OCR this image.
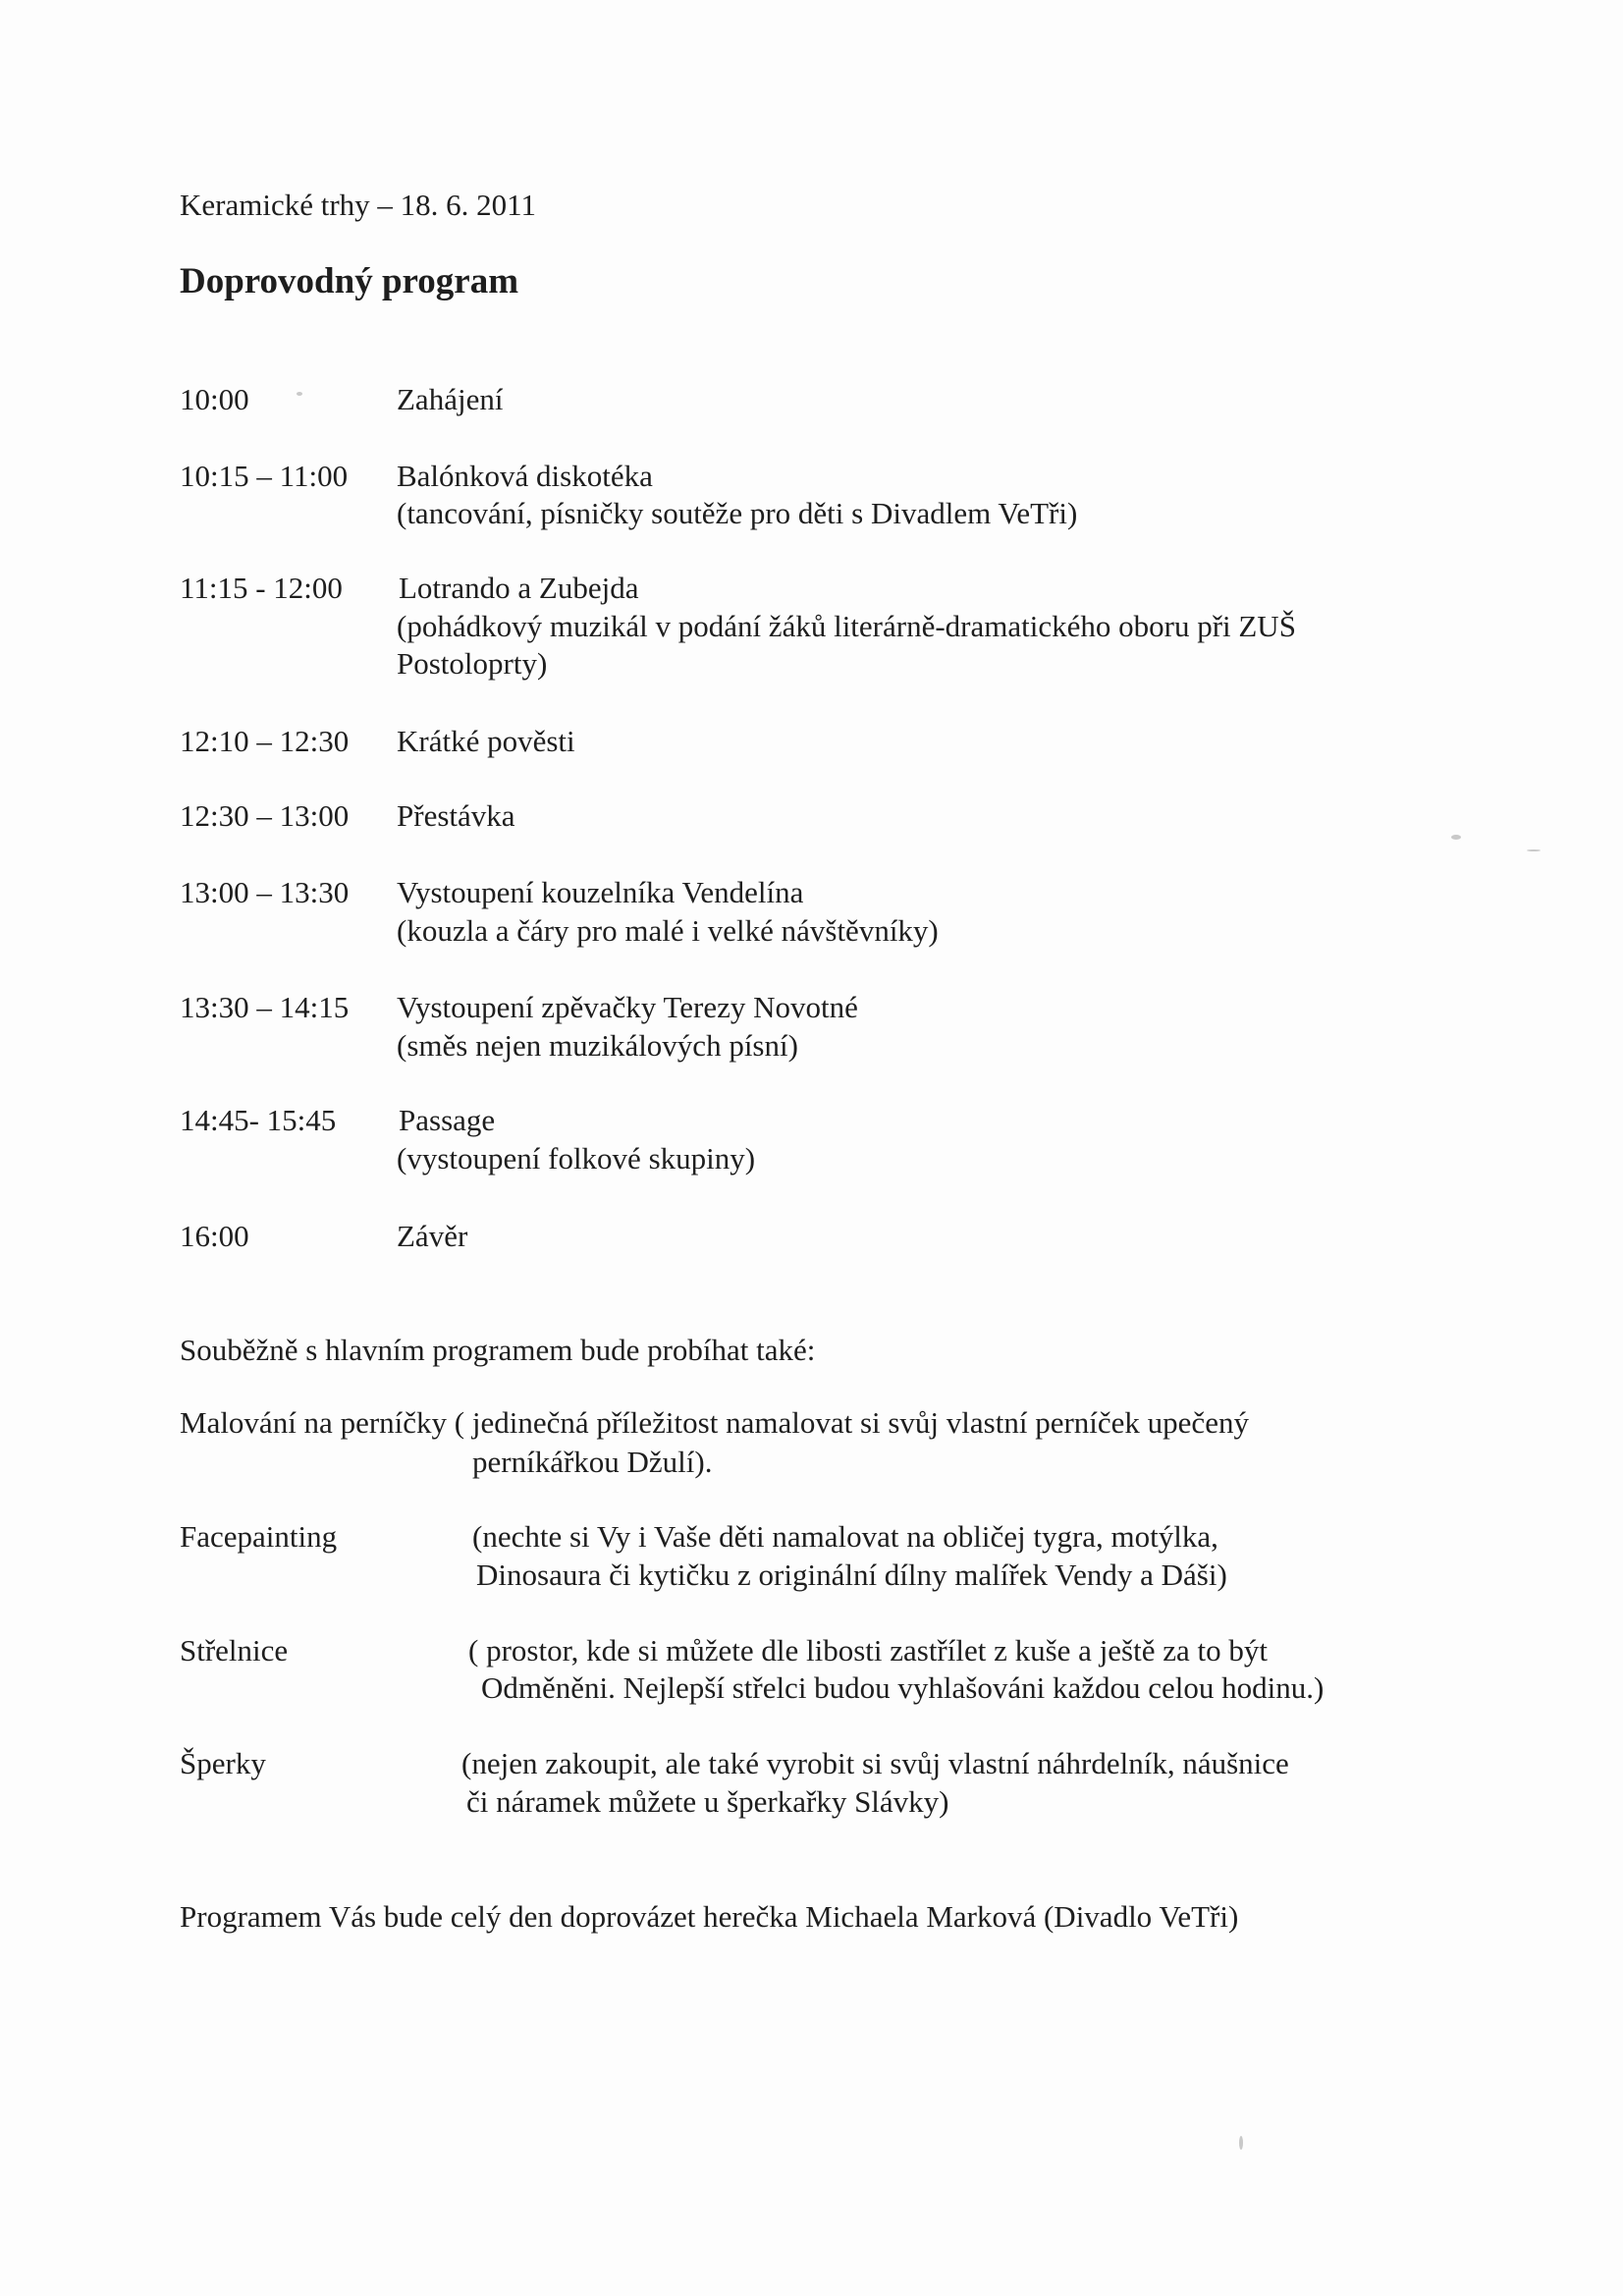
Keramické trhy – 18. 6. 2011
Doprovodný program
10:00	Zahájení
10:15 – 11:00 Balónková diskotéka
(tancování, písničky soutěže pro děti s Divadlem VeTři)
11:15 - 12:00 Lotrando a Zubejda
(pohádkový muzikál v podání žáků literárně-dramatického oboru při ZUŠ
Postoloprty)
12:10 – 12:30 Krátké pověsti
12:30 – 13:00 Přestávka
13:00 – 13:30 Vystoupení kouzelníka Vendelína
(kouzla a čáry pro malé i velké návštěvníky)
13:30 – 14:15 Vystoupení zpěvačky Terezy Novotné
(směs nejen muzikálových písní)
14:45- 15:45 Passage
(vystoupení folkové skupiny)
16:00	Závěr
Souběžně s hlavním programem bude probíhat také:
Malování na perníčky ( jedinečná příležitost namalovat si svůj vlastní perníček upečený
perníkářkou Džulí).
Facepainting	(nechte si Vy i Vaše děti namalovat na obličej tygra, motýlka,
Dinosaura či kytičku z originální dílny malířek Vendy a Dáši)
Střelnice	( prostor, kde si můžete dle libosti zastřílet z kuše a ještě za to být
Odměněni. Nejlepší střelci budou vyhlašováni každou celou hodinu.)
Šperky	(nejen zakoupit, ale také vyrobit si svůj vlastní náhrdelník, náušnice
či náramek můžete u šperkařky Slávky)
Programem Vás bude celý den doprovázet herečka Michaela Marková (Divadlo VeTři)
